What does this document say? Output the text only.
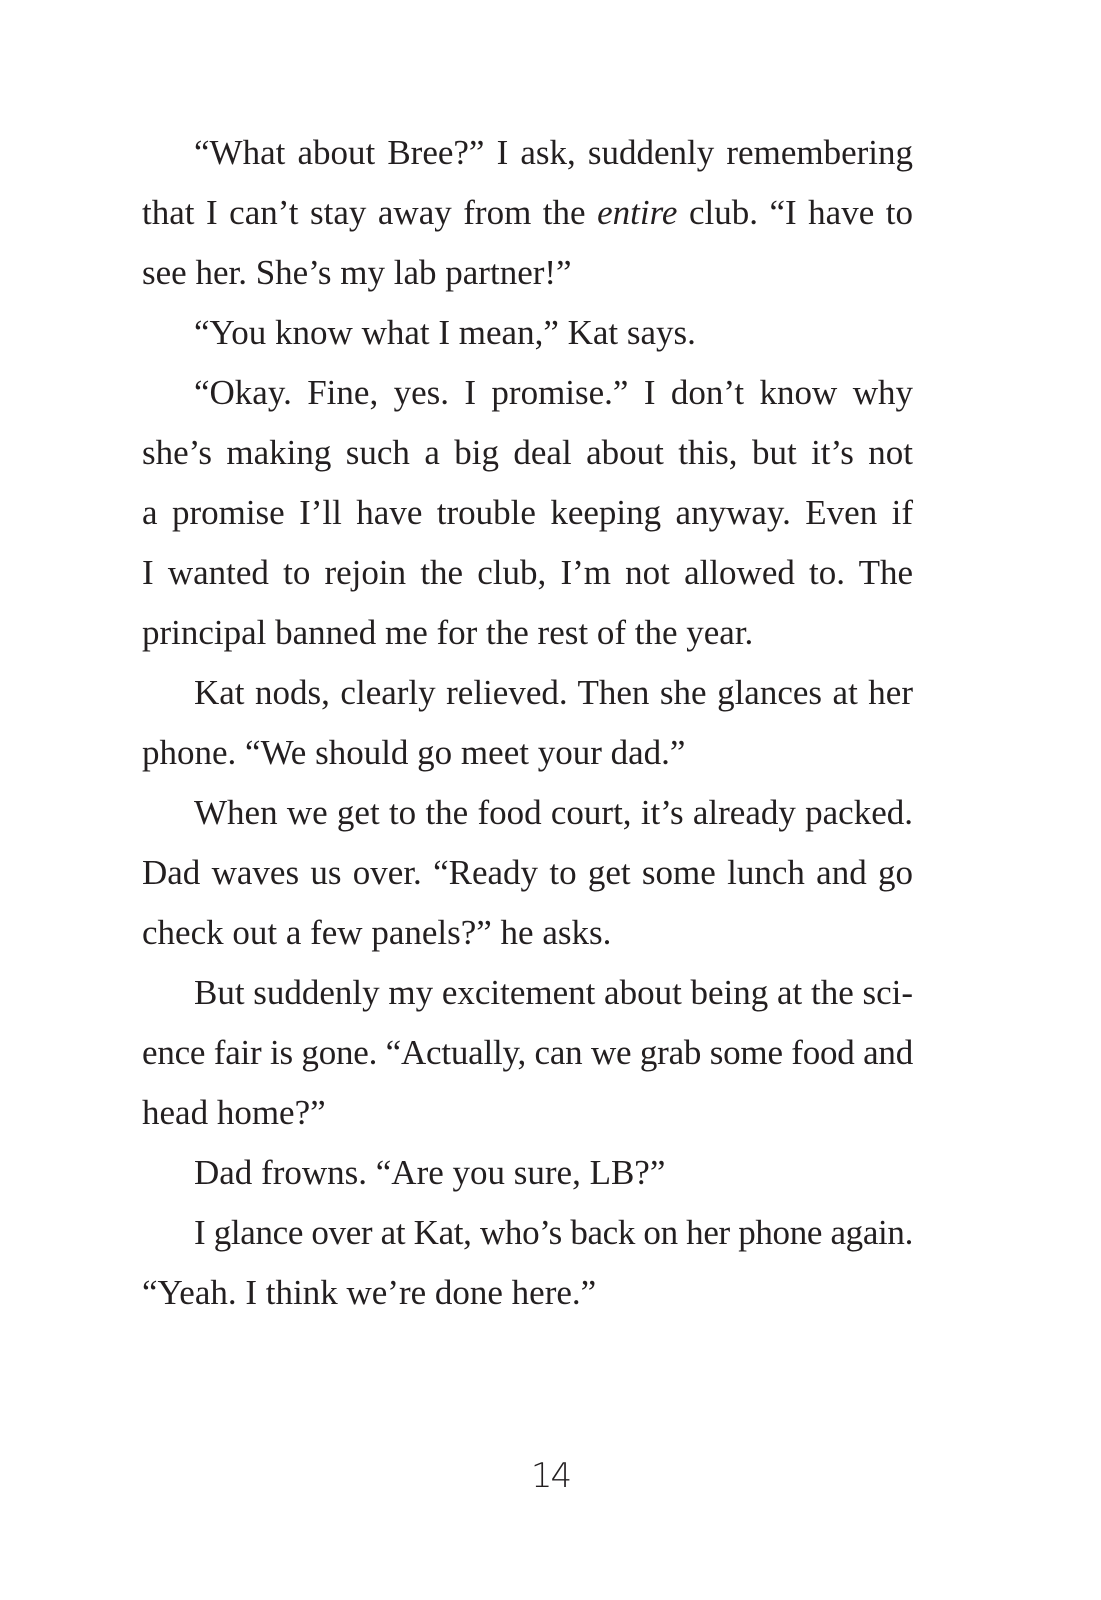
“What about Bree?” I ask, suddenly remembering
that I can’t stay away from the entire club. “I have to
see her. She’s my lab partner!”
“You know what I mean,” Kat says.
“Okay. Fine, yes. I promise.” I don’t know why
she’s making such a big deal about this, but it’s not
a promise I’ll have trouble keeping anyway. Even if
I wanted to rejoin the club, I’m not allowed to. The
principal banned me for the rest of the year.
Kat nods, clearly relieved. Then she glances at her
phone. “We should go meet your dad.”
When we get to the food court, it’s already packed.
Dad waves us over. “Ready to get some lunch and go
check out a few panels?” he asks.
But suddenly my excitement about being at the sci-
ence fair is gone. “Actually, can we grab some food and
head home?”
Dad frowns. “Are you sure, LB?”
I glance over at Kat, who’s back on her phone again.
“Yeah. I think we’re done here.”
14
